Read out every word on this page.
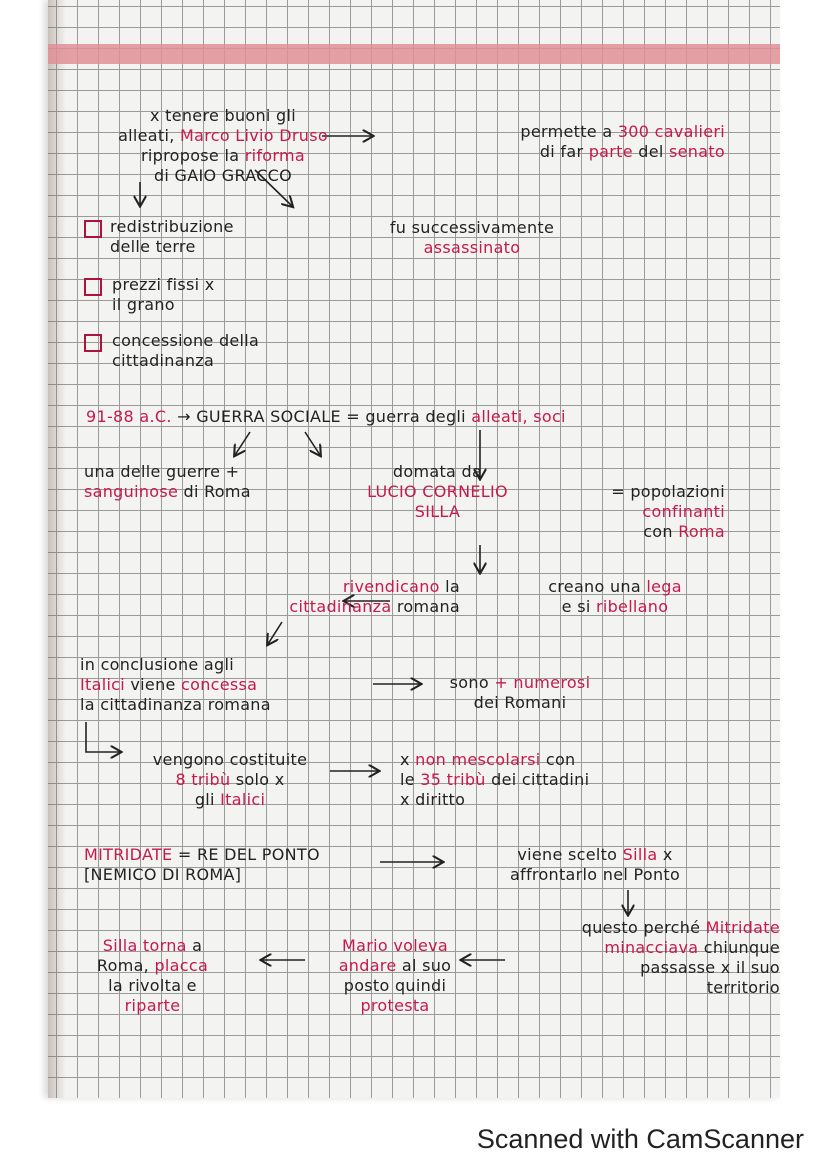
x tenere buoni gli
alleati, Marco Livio Druso
ripropose la riforma
di GAIO GRACCO
permette a 300 cavalieri
di far parte del senato
redistribuzione
delle terre
prezzi fissi x
il grano
concessione della
cittadinanza
fu successivamente
assassinato
91-88 a.C. → GUERRA SOCIALE = guerra degli alleati, soci
una delle guerre +
sanguinose di Roma
domata da
LUCIO CORNELIO
SILLA
= popolazioni
confinanti
con Roma
creano una lega
e si ribellano
rivendicano la
cittadinanza romana
in conclusione agli
Italici viene concessa
la cittadinanza romana
sono + numerosi
dei Romani
vengono costituite
8 tribù solo x
gli Italici
x non mescolarsi con
le 35 tribù dei cittadini
x diritto
MITRIDATE = RE DEL PONTO
[NEMICO DI ROMA]
viene scelto Silla x
affrontarlo nel Ponto
questo perché Mitridate
minacciava chiunque
passasse x il suo
territorio
Mario voleva
andare al suo
posto quindi
protesta
Silla torna a
Roma, placca
la rivolta e
riparte
Scanned with CamScanner
